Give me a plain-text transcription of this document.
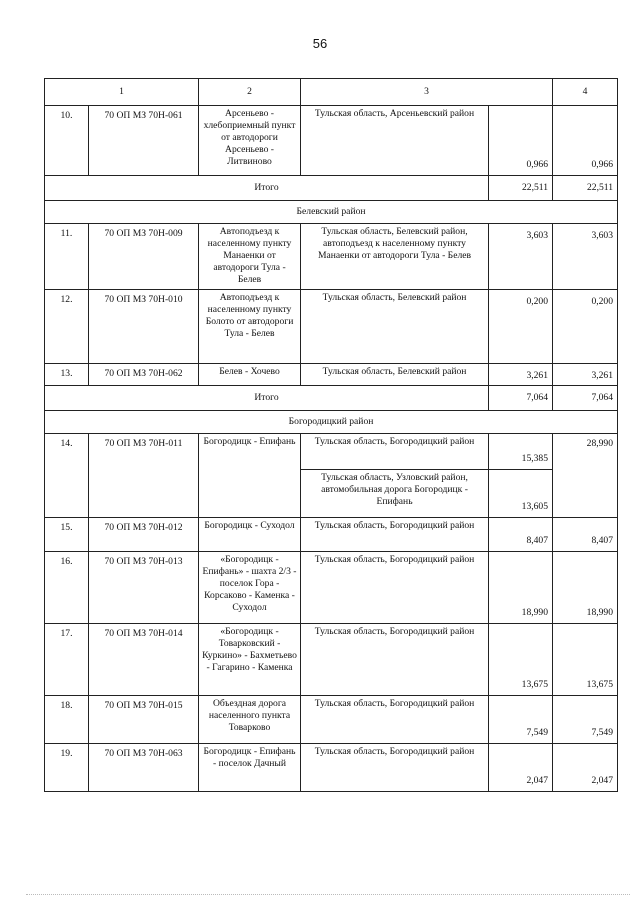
56
1		2	3		4
10.	70 ОП МЗ 70Н-061	Арсеньево - хлебоприемный пункт от автодороги Арсеньево - Литвиново	Тульская область, Арсеньевский район	0,966	0,966
Итого				22,511	22,511
Белевский район					
11.	70 ОП МЗ 70Н-009	Автоподъезд к населенному пункту Манаенки от автодороги Тула - Белев	Тульская область, Белевский район, автоподъезд к населенному пункту Манаенки от автодороги Тула - Белев	3,603	3,603
12.	70 ОП МЗ 70Н-010	Автоподъезд к населенному пункту Болото от автодороги Тула - Белев	Тульская область, Белевский район	0,200	0,200
13.	70 ОП МЗ 70Н-062	Белев - Хочево	Тульская область, Белевский район	3,261	3,261
Итого				7,064	7,064
Богородицкий район					
14.	70 ОП МЗ 70Н-011	Богородицк - Епифань	Тульская область, Богородицкий район	15,385	28,990
			Тульская область, Узловский район, автомобильная дорога Богородицк - Епифань	13,605	
15.	70 ОП МЗ 70Н-012	Богородицк - Суходол	Тульская область, Богородицкий район	8,407	8,407
16.	70 ОП МЗ 70Н-013	«Богородицк - Епифань» - шахта 2/3 - поселок Гора - Корсаково - Каменка - Суходол	Тульская область, Богородицкий район	18,990	18,990
17.	70 ОП МЗ 70Н-014	«Богородицк - Товарковский - Куркино» - Бахметьево - Гагарино - Каменка	Тульская область, Богородицкий район	13,675	13,675
18.	70 ОП МЗ 70Н-015	Объездная дорога населенного пункта Товарково	Тульская область, Богородицкий район	7,549	7,549
19.	70 ОП МЗ 70Н-063	Богородицк - Епифань - поселок Дачный	Тульская область, Богородицкий район	2,047	2,047
